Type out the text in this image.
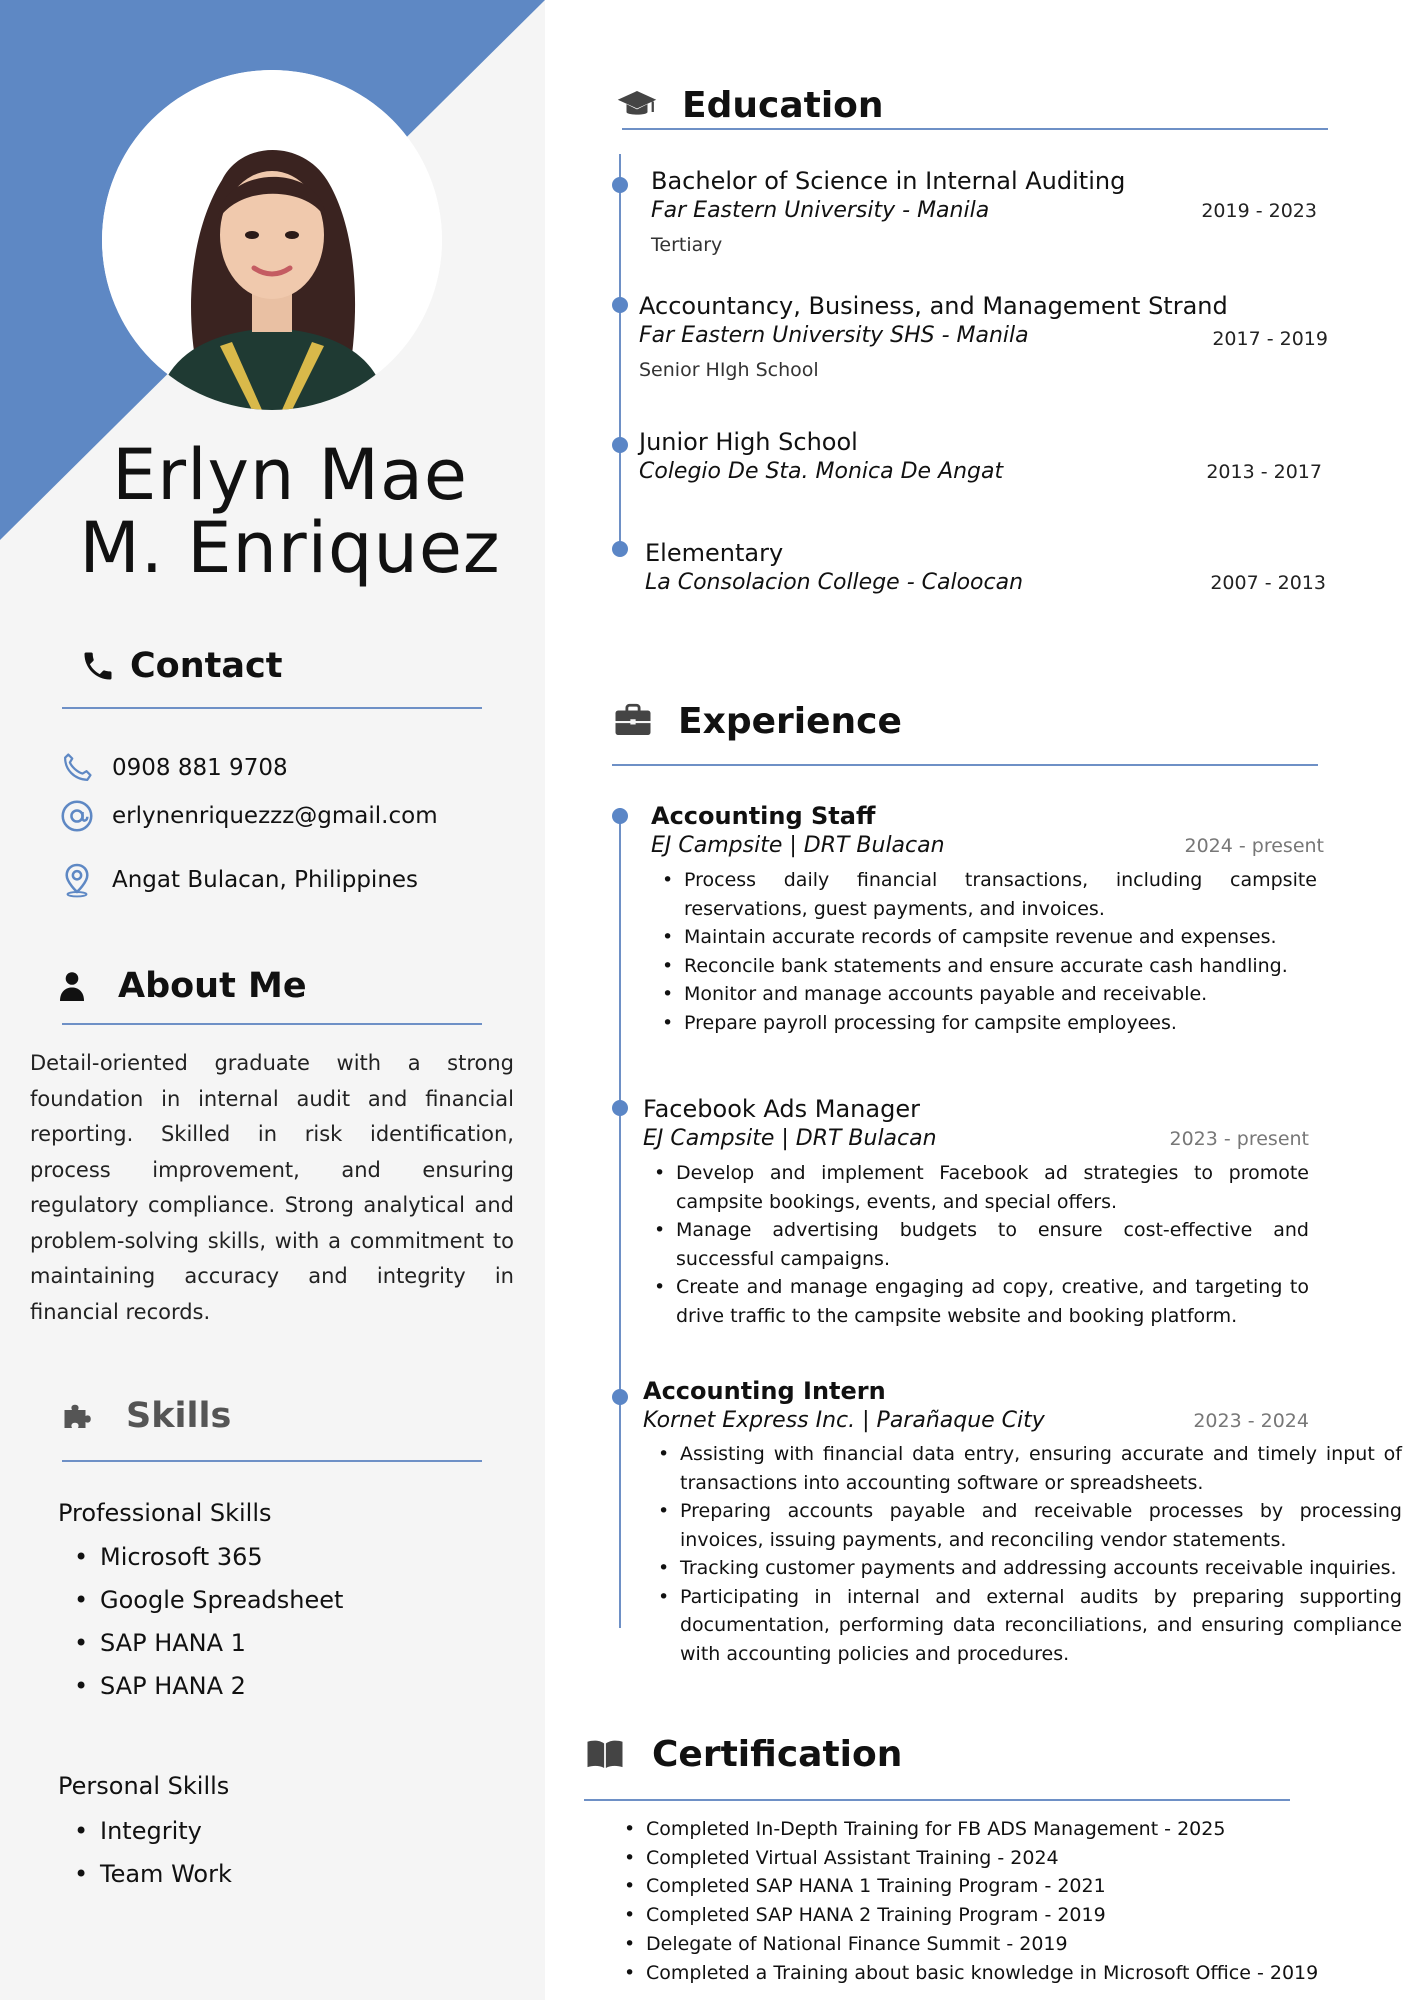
Erlyn Mae
M. Enriquez
Contact
0908 881 9708
erlynenriquezzz@gmail.com
Angat Bulacan, Philippines
About Me

Detail-oriented graduate with a strong foundation in internal audit and financial reporting. Skilled in risk identification, process improvement, and ensuring regulatory compliance. Strong analytical and problem-solving skills, with a commitment to maintaining accuracy and integrity in financial records.

Skills
Professional Skills
• Microsoft 365
• Google Spreadsheet
• SAP HANA 1
• SAP HANA 2
Personal Skills
• Integrity
• Team Work
Education
Bachelor of Science in Internal Auditing
Far Eastern University - Manila	2019 - 2023
Tertiary
Accountancy, Business, and Management Strand
Far Eastern University SHS - Manila	2017 - 2019
Senior HIgh School
Junior High School
Colegio De Sta. Monica De Angat	2013 - 2017
Elementary
La Consolacion College - Caloocan	2007 - 2013
Experience
Accounting Staff
EJ Campsite | DRT Bulacan	2024 - present
• Process daily financial transactions, including campsite reservations, guest payments, and invoices.
• Maintain accurate records of campsite revenue and expenses.
• Reconcile bank statements and ensure accurate cash handling.
• Monitor and manage accounts payable and receivable.
• Prepare payroll processing for campsite employees.
Facebook Ads Manager
EJ Campsite | DRT Bulacan	2023 - present
• Develop and implement Facebook ad strategies to promote campsite bookings, events, and special offers.
• Manage advertising budgets to ensure cost-effective and successful campaigns.
• Create and manage engaging ad copy, creative, and targeting to drive traffic to the campsite website and booking platform.
Accounting Intern
Kornet Express Inc. | Parañaque City	2023 - 2024
• Assisting with financial data entry, ensuring accurate and timely input of transactions into accounting software or spreadsheets.
• Preparing accounts payable and receivable processes by processing invoices, issuing payments, and reconciling vendor statements.
• Tracking customer payments and addressing accounts receivable inquiries.
• Participating in internal and external audits by preparing supporting documentation, performing data reconciliations, and ensuring compliance with accounting policies and procedures.
Certification
• Completed In-Depth Training for FB ADS Management - 2025
• Completed Virtual Assistant Training - 2024
• Completed SAP HANA 1 Training Program - 2021
• Completed SAP HANA 2 Training Program - 2019
• Delegate of National Finance Summit - 2019
• Completed a Training about basic knowledge in Microsoft Office - 2019
